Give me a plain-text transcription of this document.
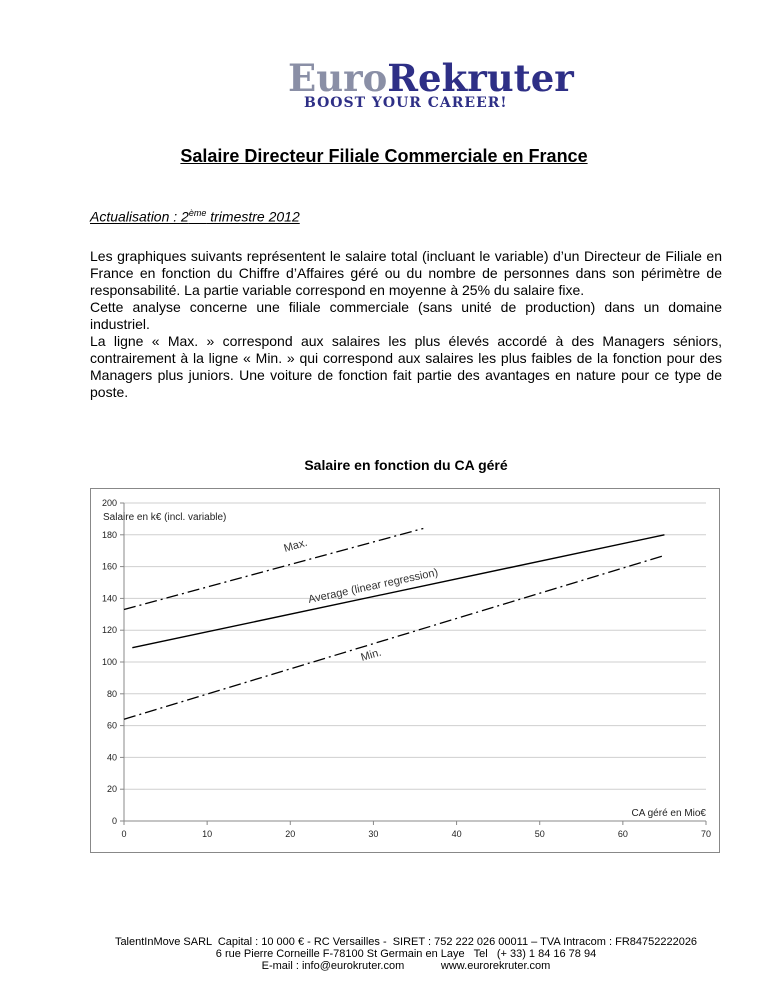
EuroRekruter
BOOST YOUR CAREER!
Salaire Directeur Filiale Commerciale en France
Actualisation : 2ème trimestre 2012

Les graphiques suivants représentent le salaire total (incluant le variable) d’un Directeur de Filiale en France en fonction du Chiffre d’Affaires géré ou du nombre de personnes dans son périmètre de responsabilité. La partie variable correspond en moyenne à 25% du salaire fixe.

Cette analyse concerne une filiale commerciale (sans unité de production) dans un domaine industriel.

La ligne « Max. » correspond aux salaires les plus élevés accordé à des Managers séniors, contrairement à la ligne « Min. » qui correspond aux salaires les plus faibles de la fonction pour des Managers plus juniors. Une voiture de fonction fait partie des avantages en nature pour ce type de poste.

Salaire en fonction du CA géré
0
20
40
60
80
100
120
140
160
180
200
0	10	20	30	40	50	60	70
Salaire en k€ (incl. variable)
CA géré en Mio€
Max.
Average (linear regression)
Min.
TalentInMove SARL  Capital : 10 000 € - RC Versailles -  SIRET : 752 222 026 00011 – TVA Intracom : FR84752222026
6 rue Pierre Corneille F-78100 St Germain en Laye   Tel   (+ 33) 1 84 16 78 94
E-mail : info@eurokruter.com            www.eurorekruter.com
